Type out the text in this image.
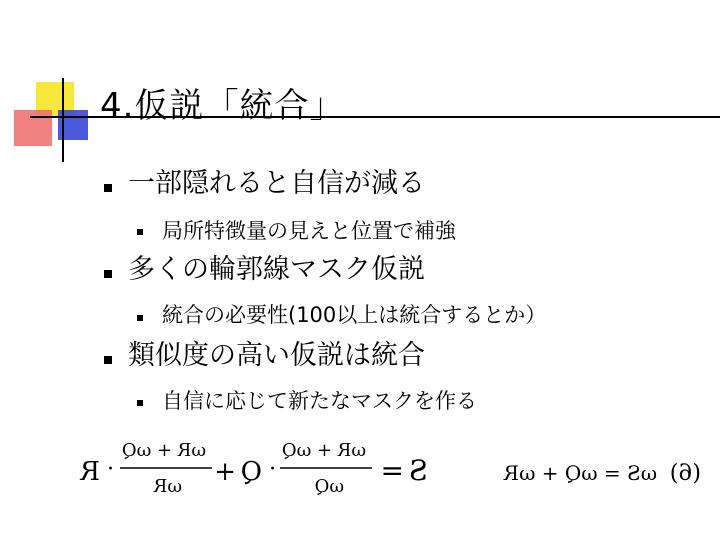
4.仮説「統合」
一部隠れると自信が減る
局所特徴量の見えと位置で補強
多くの輪郭線マスク仮説
統合の必要性(100以上は統合するとか）
類似度の高い仮説は統合
自信に応じて新たなマスクを作る
S
=
ωR + ωQ
ωQ
·
Q
+
ωR + ωQ
ωR
·
R	(6)
ωS = ωQ + ωR
